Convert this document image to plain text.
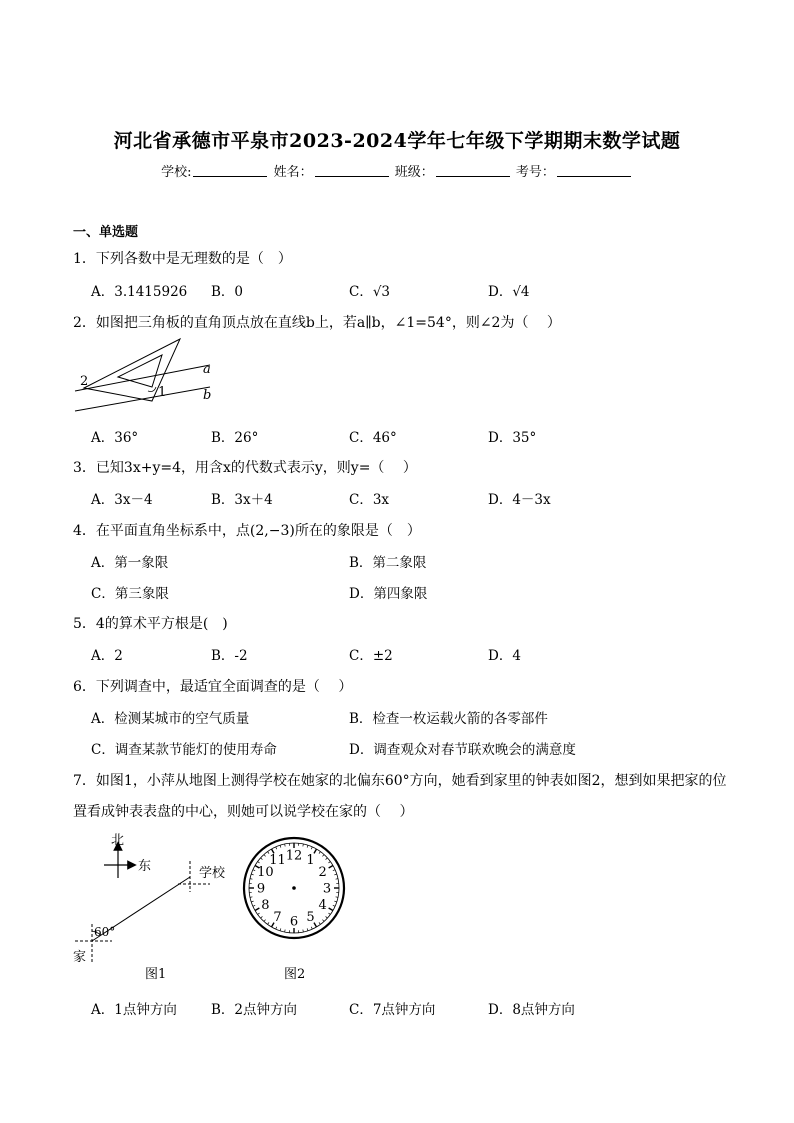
河北省承德市平泉市2023-2024学年七年级下学期期末数学试题
学校:	姓名：	班级：	考号：
一、单选题
1．下列各数中是无理数的是（　）
A．3.1415926 B．0	C．√3	D．√4
2．如图把三角板的直角顶点放在直线b上，若a∥b，∠1=54°，则∠2为（　 ）
a
b
1
2
A．36°	B．26°	C．46°	D．35°
3．已知3x+y=4，用含x的代数式表示y，则y=（　 ）
A．3x－4	B．3x＋4	C．3x	D．4－3x
4．在平面直角坐标系中，点(2,−3)所在的象限是（　）
A．第一象限	B．第二象限
C．第三象限	D．第四象限
5．4的算术平方根是(　)
A．2	B．-2	C．±2	D．4
6．下列调查中，最适宜全面调查的是（　 ）
A．检测某城市的空气质量	B．检查一枚运载火箭的各零部件
C．调查某款节能灯的使用寿命	D．调查观众对春节联欢晚会的满意度
7．如图1，小萍从地图上测得学校在她家的北偏东60°方向，她看到家里的钟表如图2，想到如果把家的位
置看成钟表表盘的中心，则她可以说学校在家的（　 ）
北
东	学校
60°
家
图1
12 1
2
3
4
5
6
7
8
9
10
11
图2
A．1点钟方向	B．2点钟方向	C．7点钟方向	D．8点钟方向
